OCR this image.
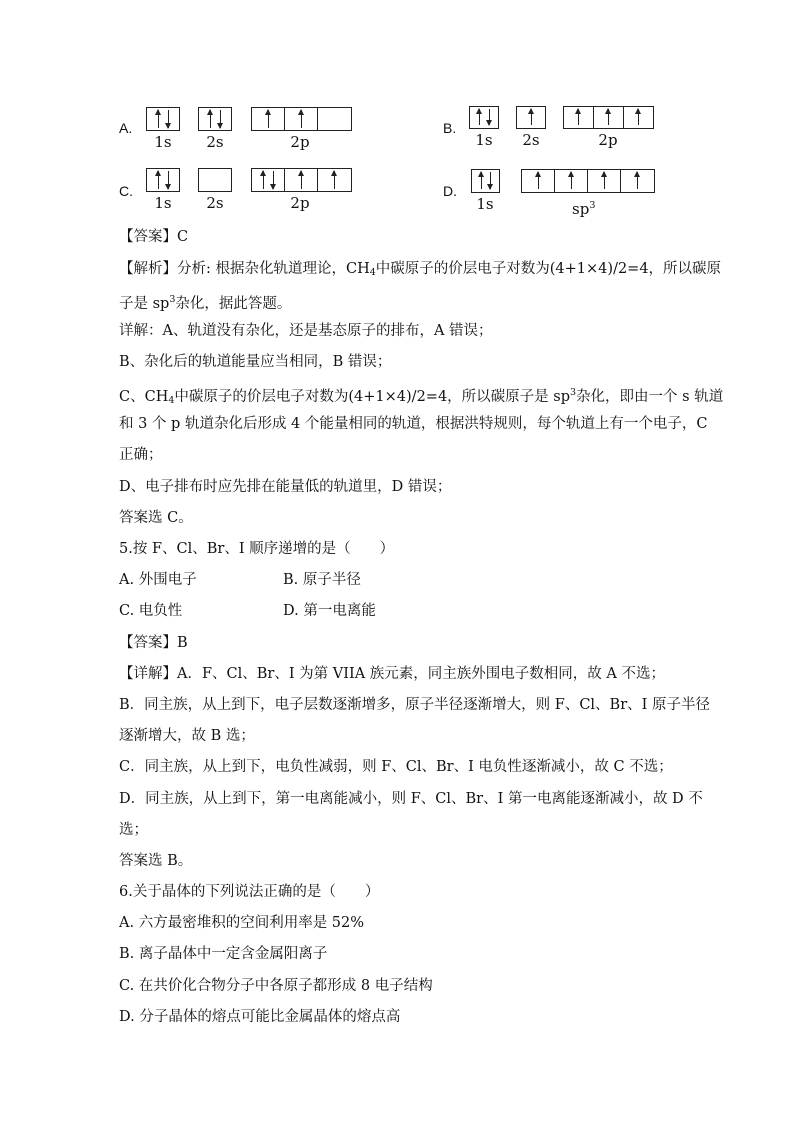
A.
1s 2s	2p
B.
1s 2s	2p
C.
1s 2s	2p
D.
1s	$sp^3$
【答案】C
【解析】分析: 根据杂化轨道理论，$CH_4$中碳原子的价层电子对数为(4+1×4)/2=4，所以碳原
子是 $sp^3$杂化，据此答题。
详解：A、轨道没有杂化，还是基态原子的排布，A 错误；
B、杂化后的轨道能量应当相同，B 错误；
C、$CH_4$中碳原子的价层电子对数为(4+1×4)/2=4，所以碳原子是 $sp^3$杂化，即由一个 s 轨道
和 3 个 p 轨道杂化后形成 4 个能量相同的轨道，根据洪特规则，每个轨道上有一个电子，C
正确；
D、电子排布时应先排在能量低的轨道里，D 错误；
答案选 C。
5.按 F、Cl、Br、I 顺序递增的是（　　）
A. 外围电子	B. 原子半径
C. 电负性	D. 第一电离能
【答案】B
【详解】A．F、Cl、Br、I 为第 VIIA 族元素，同主族外围电子数相同，故 A 不选；
B．同主族，从上到下，电子层数逐渐增多，原子半径逐渐增大，则 F、Cl、Br、I 原子半径
逐渐增大，故 B 选；
C．同主族，从上到下，电负性减弱，则 F、Cl、Br、I 电负性逐渐减小，故 C 不选；
D．同主族，从上到下，第一电离能减小，则 F、Cl、Br、I 第一电离能逐渐减小，故 D 不
选；
答案选 B。
6.关于晶体的下列说法正确的是（　　）
A. 六方最密堆积的空间利用率是 52%
B. 离子晶体中一定含金属阳离子
C. 在共价化合物分子中各原子都形成 8 电子结构
D. 分子晶体的熔点可能比金属晶体的熔点高
